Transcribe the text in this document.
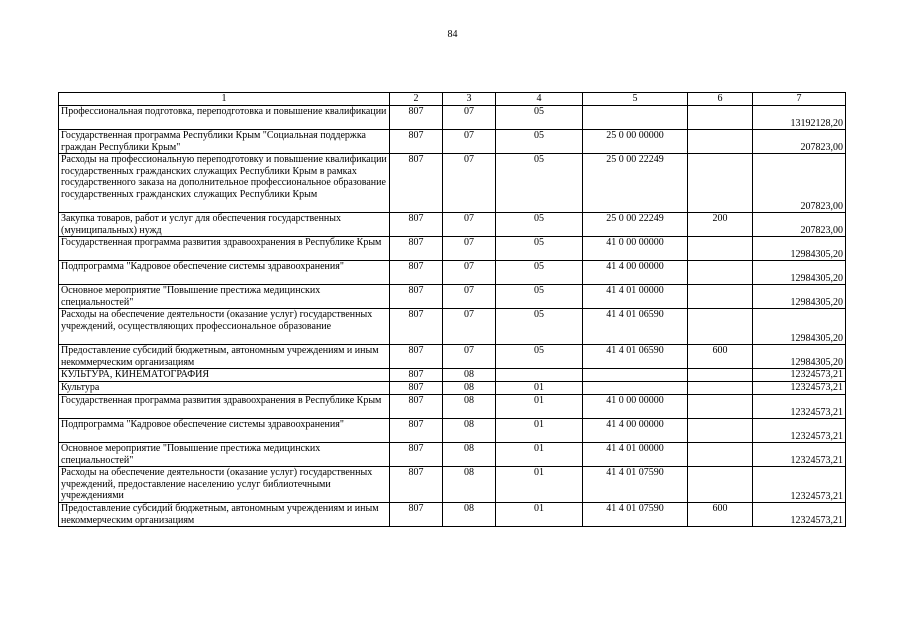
84
1	2	3	4	5	6	7
Профессиональная подготовка, переподготовка и повышение квалификации	807	07	05			13192128,20
Государственная программа Республики Крым "Социальная поддержка граждан Республики Крым"	807	07	05	25 0 00 00000		207823,00
Расходы на профессиональную переподготовку и повышение квалификации государственных гражданских служащих Республики Крым в рамках государственного заказа на дополнительное профессиональное образование государственных гражданских служащих Республики Крым	807	07	05	25 0 00 22249		207823,00
Закупка товаров, работ и услуг для обеспечения государственных (муниципальных) нужд	807	07	05	25 0 00 22249	200	207823,00
Государственная программа развития здравоохранения в Республике Крым	807	07	05	41 0 00 00000		12984305,20
Подпрограмма "Кадровое обеспечение системы здравоохранения"	807	07	05	41 4 00 00000		12984305,20
Основное мероприятие "Повышение престижа медицинских специальностей"	807	07	05	41 4 01 00000		12984305,20
Расходы на обеспечение деятельности (оказание услуг) государственных учреждений, осуществляющих профессиональное образование	807	07	05	41 4 01 06590		12984305,20
Предоставление субсидий бюджетным, автономным учреждениям и иным некоммерческим организациям	807	07	05	41 4 01 06590	600	12984305,20
КУЛЬТУРА, КИНЕМАТОГРАФИЯ	807	08				12324573,21
Культура	807	08	01			12324573,21
Государственная программа развития здравоохранения в Республике Крым	807	08	01	41 0 00 00000		12324573,21
Подпрограмма "Кадровое обеспечение системы здравоохранения"	807	08	01	41 4 00 00000		12324573,21
Основное мероприятие "Повышение престижа медицинских специальностей"	807	08	01	41 4 01 00000		12324573,21
Расходы на обеспечение деятельности (оказание услуг) государственных учреждений, предоставление населению услуг библиотечными учреждениями	807	08	01	41 4 01 07590		12324573,21
Предоставление субсидий бюджетным, автономным учреждениям и иным некоммерческим организациям	807	08	01	41 4 01 07590	600	12324573,21
